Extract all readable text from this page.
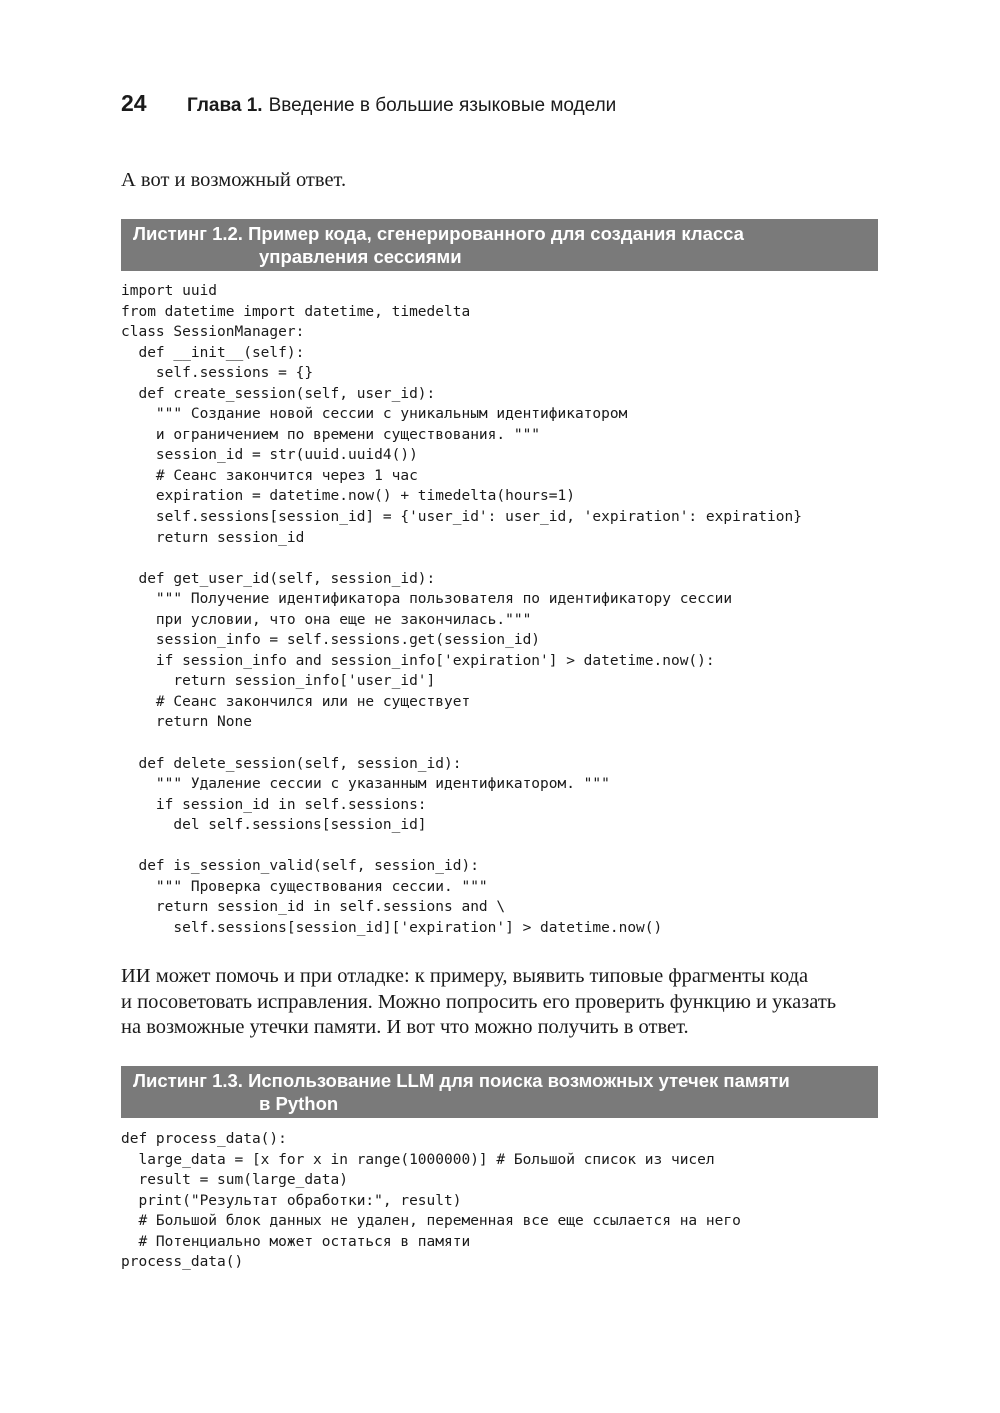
24	Глава 1. Введение в большие языковые модели

А вот и возможный ответ.

Листинг 1.2. Пример кода, сгенерированного для создания класса
управления сессиями
import uuid
from datetime import datetime, timedelta
class SessionManager:
def __init__(self):
self.sessions = {}
def create_session(self, user_id):
""" Создание новой сессии с уникальным идентификатором
и ограничением по времени существования. """
session_id = str(uuid.uuid4())
# Сеанс закончится через 1 час
expiration = datetime.now() + timedelta(hours=1)
self.sessions[session_id] = {'user_id': user_id, 'expiration': expiration}
return session_id
def get_user_id(self, session_id):
""" Получение идентификатора пользователя по идентификатору сессии
при условии, что она еще не закончилась."""
session_info = self.sessions.get(session_id)
if session_info and session_info['expiration'] > datetime.now():
return session_info['user_id']
# Сеанс закончился или не существует
return None
def delete_session(self, session_id):
""" Удаление сессии с указанным идентификатором. """
if session_id in self.sessions:
del self.sessions[session_id]
def is_session_valid(self, session_id):
""" Проверка существования сессии. """
return session_id in self.sessions and \
self.sessions[session_id]['expiration'] > datetime.now()

ИИ может помочь и при отладке: к примеру, выявить типовые фрагменты кода

и посоветовать исправления. Можно попросить его проверить функцию и указать

на возможные утечки памяти. И вот что можно получить в ответ.

Листинг 1.3. Использование LLM для поиска возможных утечек памяти
в Python
def process_data():
large_data = [x for x in range(1000000)] # Большой список из чисел
result = sum(large_data)
print("Результат обработки:", result)
# Большой блок данных не удален, переменная все еще ссылается на него
# Потенциально может остаться в памяти
process_data()
